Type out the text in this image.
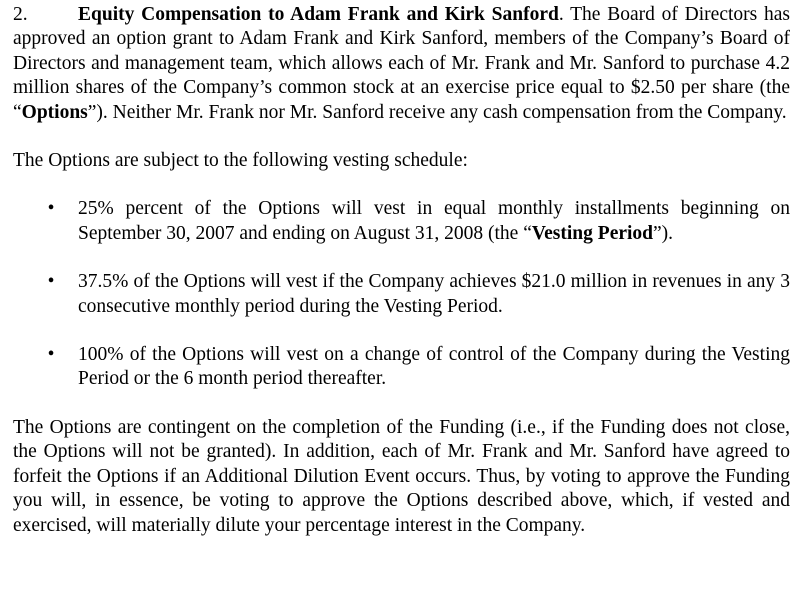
2.	Equity Compensation to Adam Frank and Kirk Sanford. The Board of Directors has approved an option grant to Adam Frank and Kirk Sanford, members of the Company’s Board of Directors and management team, which allows each of Mr. Frank and Mr. Sanford to purchase 4.2 million shares of the Company’s common stock at an exercise price equal to $2.50 per share (the “Options”). Neither Mr. Frank nor Mr. Sanford receive any cash compensation from the Company.

The Options are subject to the following vesting schedule:

• 25% percent of the Options will vest in equal monthly installments beginning on September 30, 2007 and ending on August 31, 2008 (the “Vesting Period”).
• 37.5% of the Options will vest if the Company achieves $21.0 million in revenues in any 3 consecutive monthly period during the Vesting Period.
• 100% of the Options will vest on a change of control of the Company during the Vesting Period or the 6 month period thereafter.

The Options are contingent on the completion of the Funding (i.e., if the Funding does not close, the Options will not be granted). In addition, each of Mr. Frank and Mr. Sanford have agreed to forfeit the Options if an Additional Dilution Event occurs. Thus, by voting to approve the Funding you will, in essence, be voting to approve the Options described above, which, if vested and exercised, will materially dilute your percentage interest in the Company.
